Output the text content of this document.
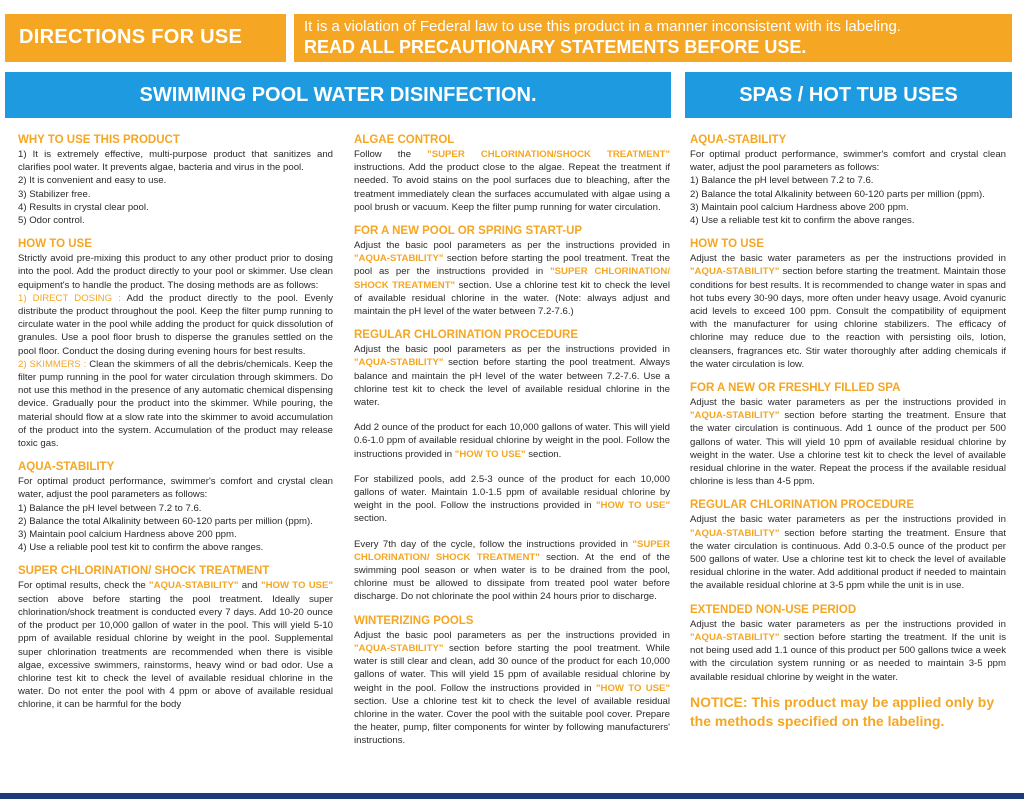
DIRECTIONS FOR USE	It is a violation of Federal law to use this product in a manner inconsistent with its labeling.
READ ALL PRECAUTIONARY STATEMENTS BEFORE USE.
SWIMMING POOL WATER DISINFECTION.	SPAS / HOT TUB USES
WHY TO USE THIS PRODUCT

1) It is extremely effective, multi-purpose product that sanitizes and clarifies pool water. It prevents algae, bacteria and virus in the pool.
2) It is convenient and easy to use.
3) Stabilizer free.
4) Results in crystal clear pool.
5) Odor control.

HOW TO USE

Strictly avoid pre-mixing this product to any other product prior to dosing into the pool. Add the product directly to your pool or skimmer. Use clean equipment's to handle the product. The dosing methods are as follows:

1) DIRECT DOSING : Add the product directly to the pool. Evenly distribute the product throughout the pool. Keep the filter pump running to circulate water in the pool while adding the product for quick dissolution of granules. Use a pool floor brush to disperse the granules settled on the pool floor. Conduct the dosing during evening hours for best results.

2) SKIMMERS : Clean the skimmers of all the debris/chemicals. Keep the filter pump running in the pool for water circulation through skimmers. Do not use this method in the presence of any automatic chemical dispensing device. Gradually pour the product into the skimmer. While pouring, the material should flow at a slow rate into the skimmer to avoid accumulation of the product into the system. Accumulation of the product may release toxic gas.

AQUA-STABILITY

For optimal product performance, swimmer's comfort and crystal clean water, adjust the pool parameters as follows:
1) Balance the pH level between 7.2 to 7.6.
2) Balance the total Alkalinity between 60-120 parts per million (ppm).
3) Maintain pool calcium Hardness above 200 ppm.
4) Use a reliable pool test kit to confirm the above ranges.

SUPER CHLORINATION/ SHOCK TREATMENT

For optimal results, check the "AQUA-STABILITY" and "HOW TO USE" section above before starting the pool treatment. Ideally super chlorination/shock treatment is conducted every 7 days. Add 10-20 ounce of the product per 10,000 gallon of water in the pool. This will yield 5-10 ppm of available residual chlorine by weight in the pool. Supplemental super chlorination treatments are recommended when there is visible algae, excessive swimmers, rainstorms, heavy wind or bad odor. Use a chlorine test kit to check the level of available residual chlorine in the water. Do not enter the pool with 4 ppm or above of available residual chlorine, it can be harmful for the body

ALGAE CONTROL

Follow the "SUPER CHLORINATION/SHOCK TREATMENT" instructions. Add the product close to the algae. Repeat the treatment if needed. To avoid stains on the pool surfaces due to bleaching, after the treatment immediately clean the surfaces accumulated with algae using a pool brush or vacuum. Keep the filter pump running for water circulation.

FOR A NEW POOL OR SPRING START-UP

Adjust the basic pool parameters as per the instructions provided in "AQUA-STABILITY" section before starting the pool treatment. Treat the pool as per the instructions provided in "SUPER CHLORINATION/ SHOCK TREATMENT" section. Use a chlorine test kit to check the level of available residual chlorine in the water. (Note: always adjust and maintain the pH level of the water between 7.2-7.6.)

REGULAR CHLORINATION PROCEDURE

Adjust the basic pool parameters as per the instructions provided in "AQUA-STABILITY" section before starting the pool treatment. Always balance and maintain the pH level of the water between 7.2-7.6. Use a chlorine test kit to check the level of available residual chlorine in the water.

Add 2 ounce of the product for each 10,000 gallons of water. This will yield 0.6-1.0 ppm of available residual chlorine by weight in the pool. Follow the instructions provided in "HOW TO USE" section.

For stabilized pools, add 2.5-3 ounce of the product for each 10,000 gallons of water. Maintain 1.0-1.5 ppm of available residual chlorine by weight in the pool. Follow the instructions provided in "HOW TO USE" section.

Every 7th day of the cycle, follow the instructions provided in "SUPER CHLORINATION/ SHOCK TREATMENT" section. At the end of the swimming pool season or when water is to be drained from the pool, chlorine must be allowed to dissipate from treated pool water before discharge. Do not chlorinate the pool within 24 hours prior to discharge.

WINTERIZING POOLS

Adjust the basic pool parameters as per the instructions provided in "AQUA-STABILITY" section before starting the pool treatment. While water is still clear and clean, add 30 ounce of the product for each 10,000 gallons of water. This will yield 15 ppm of available residual chlorine by weight in the pool. Follow the instructions provided in "HOW TO USE" section. Use a chlorine test kit to check the level of available residual chlorine in the water. Cover the pool with the suitable pool cover. Prepare the heater, pump, filter components for winter by following manufacturers' instructions.

AQUA-STABILITY

For optimal product performance, swimmer's comfort and crystal clean water, adjust the pool parameters as follows:
1) Balance the pH level between 7.2 to 7.6.
2) Balance the total Alkalinity between 60-120 parts per million (ppm).
3) Maintain pool calcium Hardness above 200 ppm.
4) Use a reliable test kit to confirm the above ranges.

HOW TO USE

Adjust the basic water parameters as per the instructions provided in "AQUA-STABILITY" section before starting the treatment. Maintain those conditions for best results. It is recommended to change water in spas and hot tubs every 30-90 days, more often under heavy usage. Avoid cyanuric acid levels to exceed 100 ppm. Consult the compatibility of equipment with the manufacturer for using chlorine stabilizers. The efficacy of chlorine may reduce due to the reaction with persisting oils, lotion, cleansers, fragrances etc. Stir water thoroughly after adding chemicals if the water circulation is low.

FOR A NEW OR FRESHLY FILLED SPA

Adjust the basic water parameters as per the instructions provided in "AQUA-STABILITY" section before starting the treatment. Ensure that the water circulation is continuous. Add 1 ounce of the product per 500 gallons of water. This will yield 10 ppm of available residual chlorine by weight in the water. Use a chlorine test kit to check the level of available residual chlorine in the water. Repeat the process if the available residual chlorine is less than 4-5 ppm.

REGULAR CHLORINATION PROCEDURE

Adjust the basic water parameters as per the instructions provided in "AQUA-STABILITY" section before starting the treatment. Ensure that the water circulation is continuous. Add 0.3-0.5 ounce of the product per 500 gallons of water. Use a chlorine test kit to check the level of available residual chlorine in the water. Add additional product if needed to maintain the available residual chlorine at 3-5 ppm while the unit is in use.

EXTENDED NON-USE PERIOD

Adjust the basic water parameters as per the instructions provided in "AQUA-STABILITY" section before starting the treatment. If the unit is not being used add 1.1 ounce of this product per 500 gallons twice a week with the circulation system running or as needed to maintain 3-5 ppm available residual chlorine by weight in the water.

NOTICE: This product may be applied only by the methods specified on the labeling.
